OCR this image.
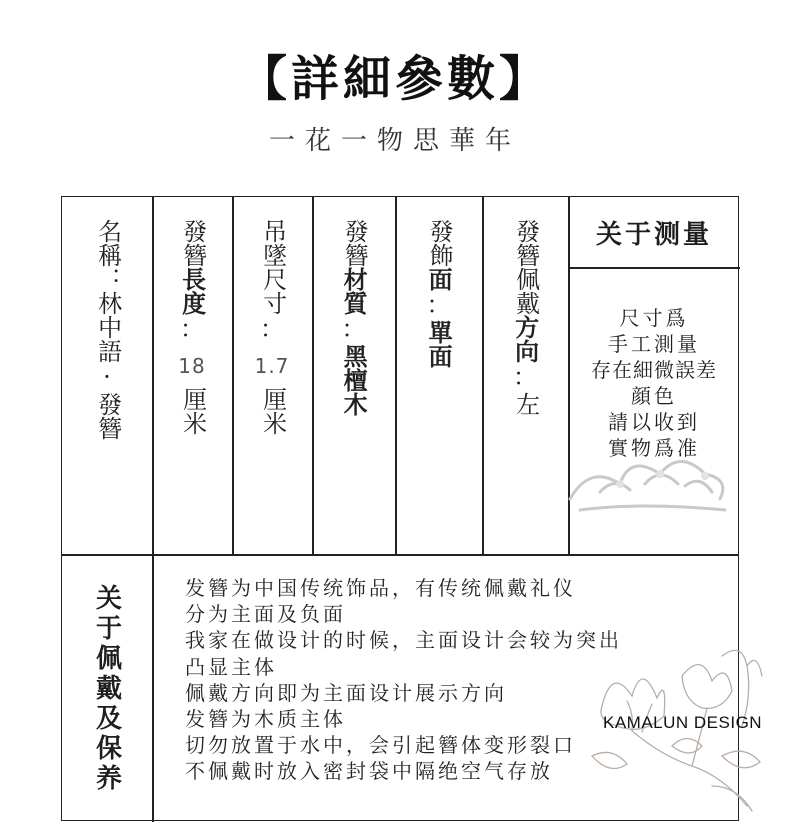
【詳細參數】
一花一物思華年
名稱：
林中語
·
發簪
發簪
長度
：
18
厘米
吊墜
尺寸
：
1.7
厘米
發簪
材質
：
黑檀木
發飾
面
：
單面
發簪佩戴
方向
：
左
关于测量
尺寸爲
手工測量
存在細微誤差
顔色
請以收到
實物爲准
关于佩戴及保养	发簪为中国传统饰品，有传统佩戴礼仪
分为主面及负面
我家在做设计的时候，主面设计会较为突出
凸显主体
佩戴方向即为主面设计展示方向
发簪为木质主体
切勿放置于水中，会引起簪体变形裂口
不佩戴时放入密封袋中隔绝空气存放
KAMALUN DESIGN
